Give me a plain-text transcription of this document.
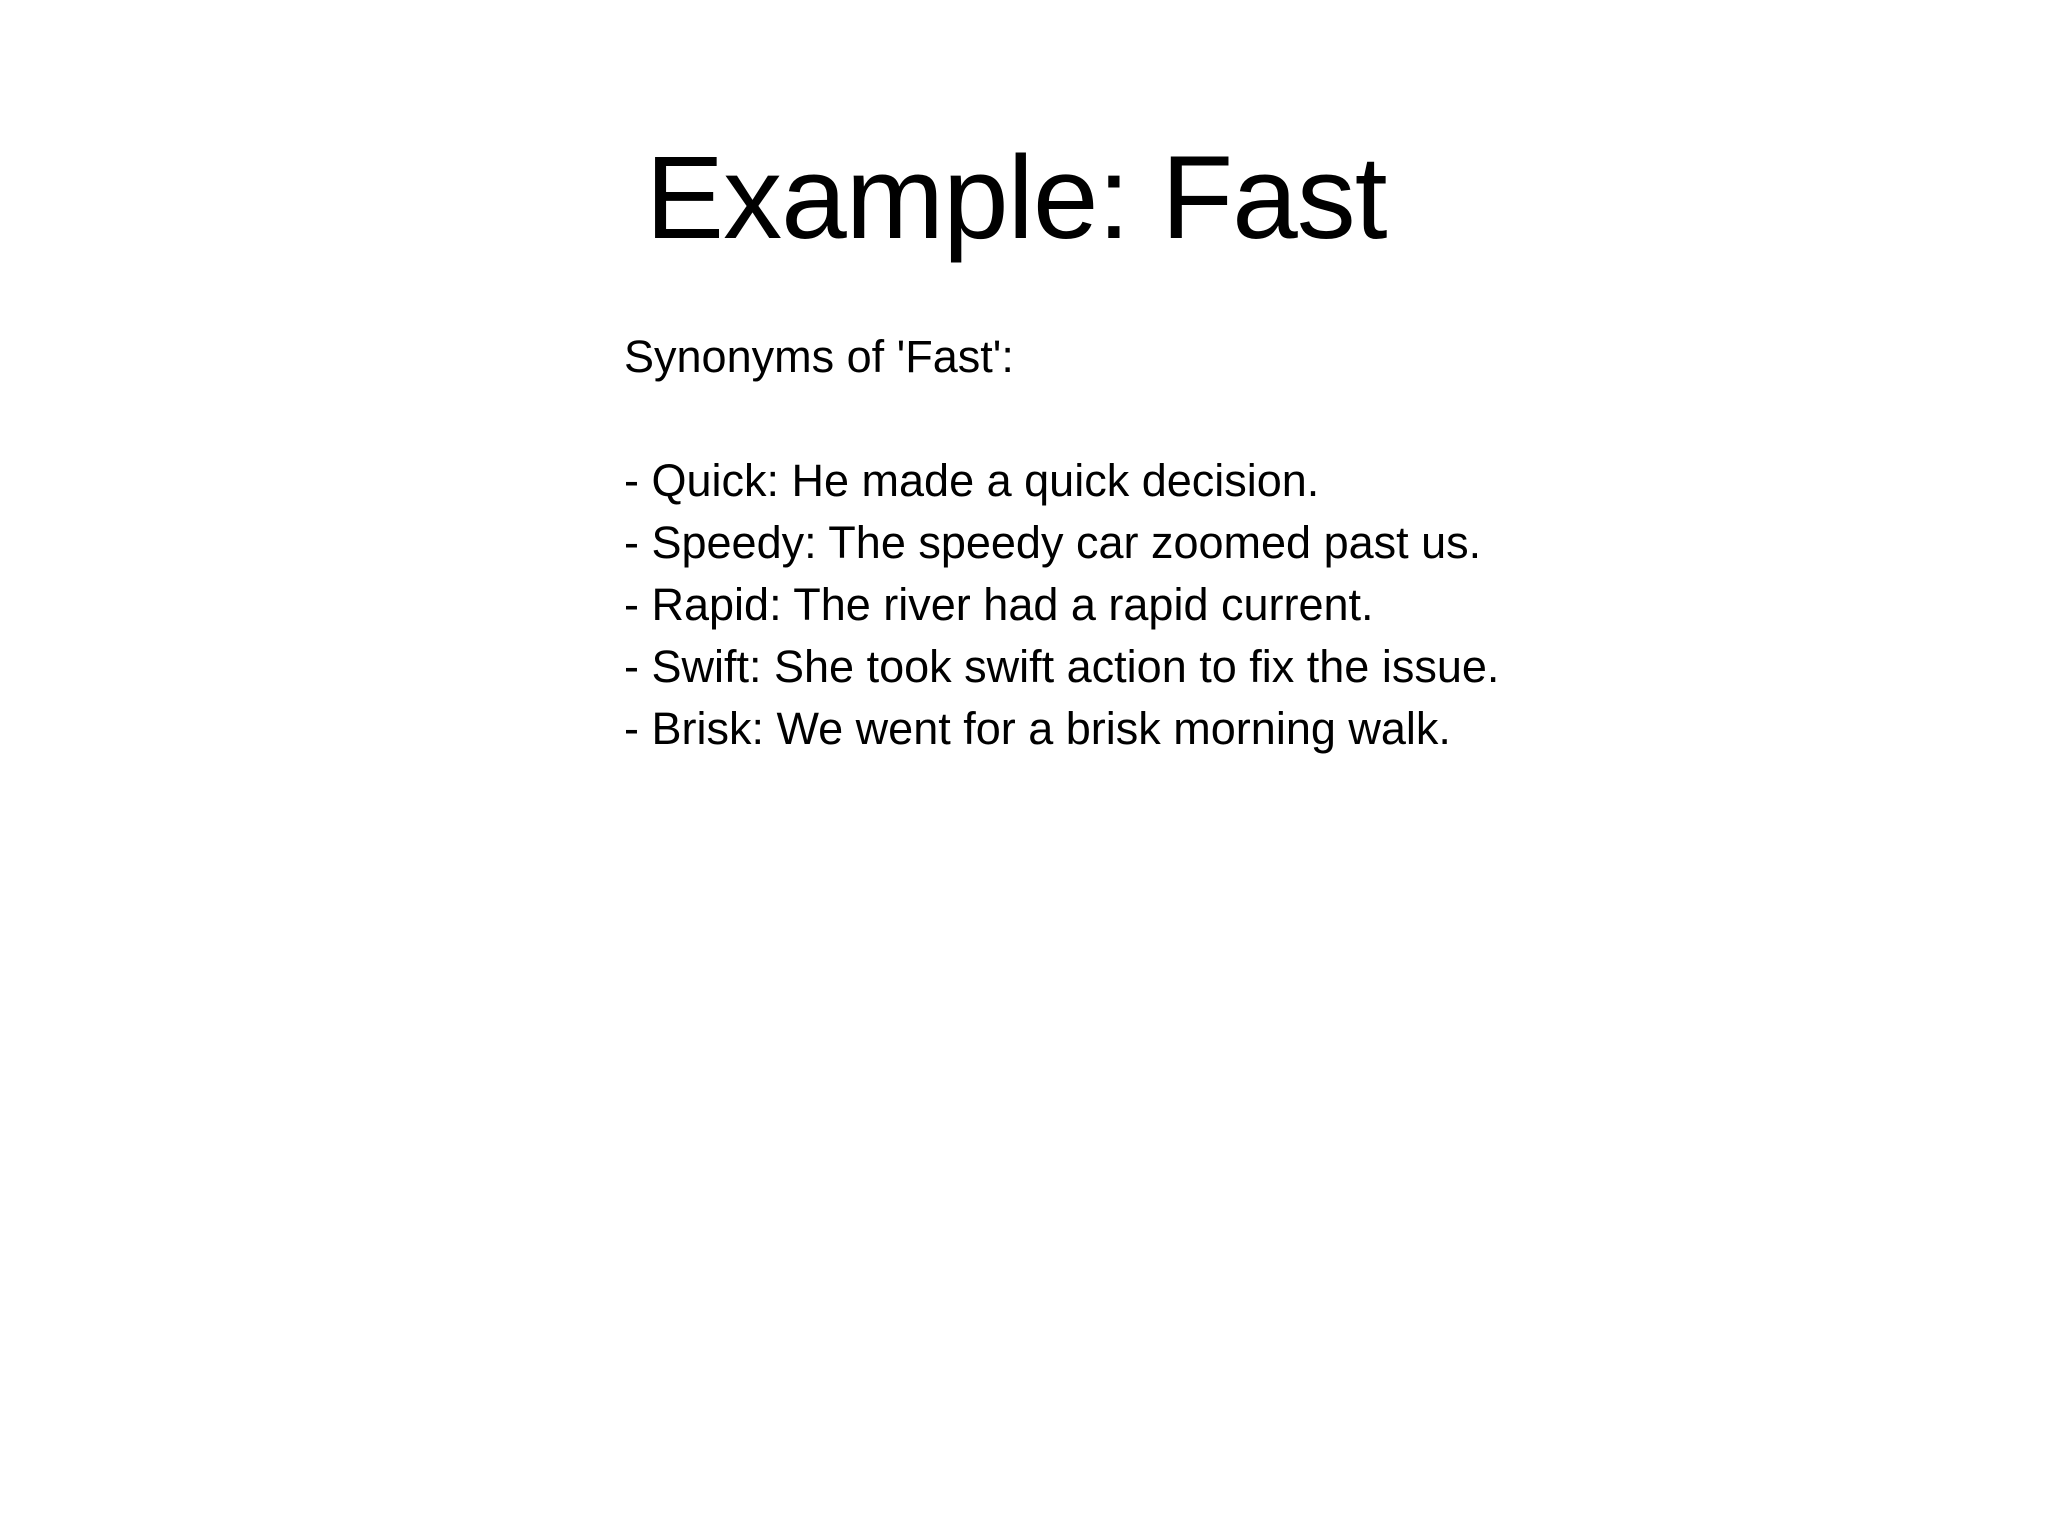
Example: Fast
Synonyms of 'Fast':
- Quick: He made a quick decision.
- Speedy: The speedy car zoomed past us.
- Rapid: The river had a rapid current.
- Swift: She took swift action to fix the issue.
- Brisk: We went for a brisk morning walk.
